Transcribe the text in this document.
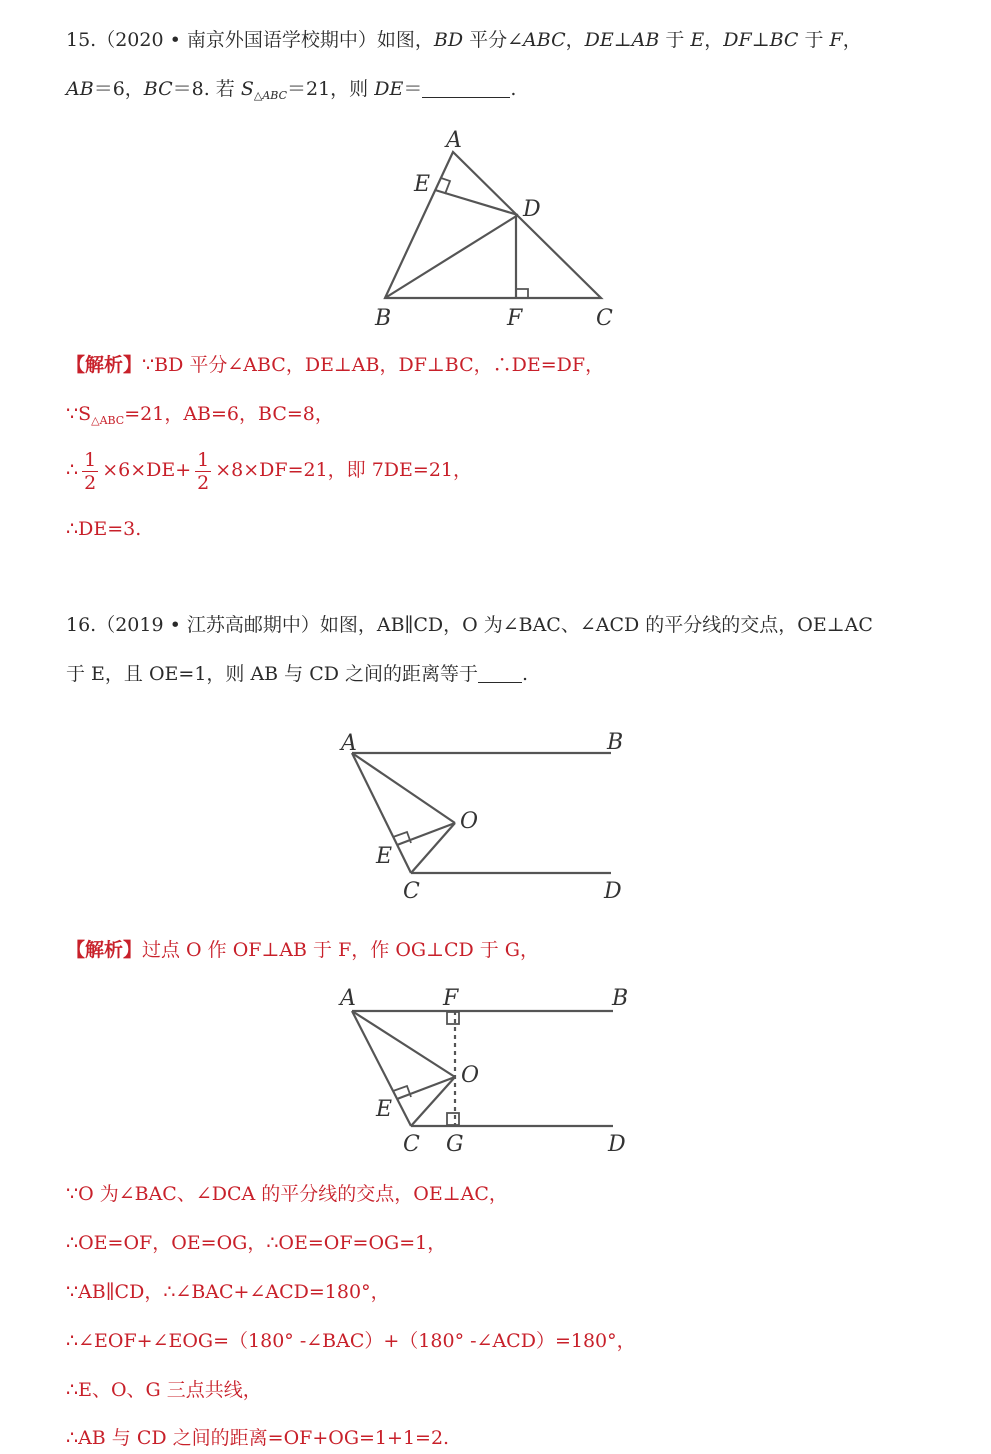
15.（2020 • 南京外国语学校期中）如图，BD 平分∠ABC，DE⊥AB 于 E，DF⊥BC 于 F，
AB＝6，BC＝8. 若 $S_{\triangle ABC}=21$，则 DE＝	.
A
E
D
B	F	C
【解析】∵BD 平分∠ABC，DE⊥AB，DF⊥BC，∴DE=DF，
$\because S_{\triangle ABC}=21$，AB=6，BC=8，
∴ $\frac{1}{2} \times 6\times DE+ \frac{1}{2} \times 8\times DF=21$，即 7DE=21，
∴DE=3.
16.（2019 • 江苏高邮期中）如图，AB∥CD，O 为∠BAC、∠ACD 的平分线的交点，OE⊥AC
于 E，且 OE=1，则 AB 与 CD 之间的距离等于 .
A	B
O
E
C	D
【解析】过点 O 作 OF⊥AB 于 F，作 OG⊥CD 于 G，
A	F	B
O
E
C G	D
∵O 为∠BAC、∠DCA 的平分线的交点，OE⊥AC，
∴OE=OF，OE=OG，∴OE=OF=OG=1，
∵AB∥CD，∴∠BAC+∠ACD=180°，
∴∠EOF+∠EOG=（180° -∠BAC）+（180° -∠ACD）=180°，
∴E、O、G 三点共线，
∴AB 与 CD 之间的距离=OF+OG=1+1=2.
